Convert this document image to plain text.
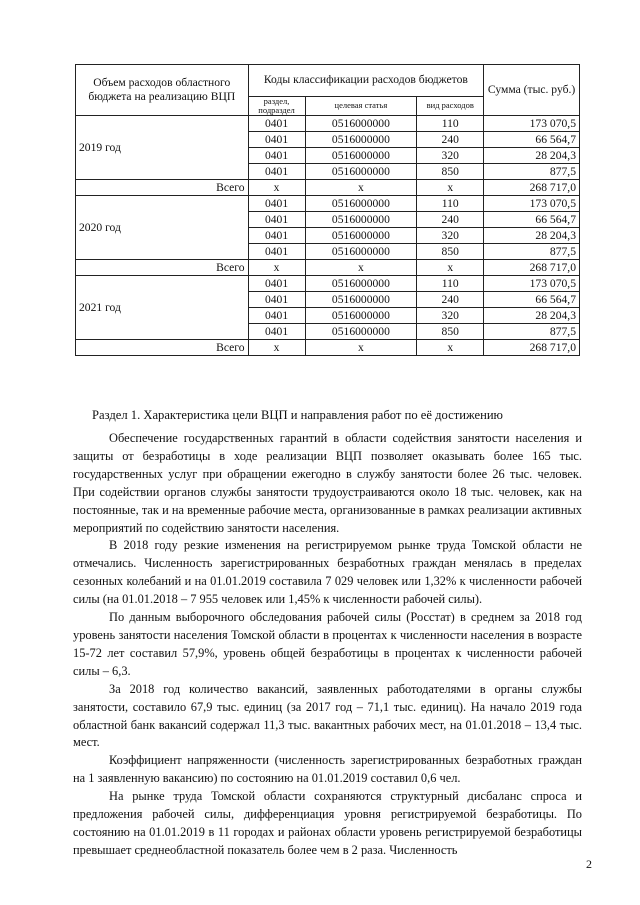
Объем расходов областного бюджета на реализацию ВЦП	Коды классификации расходов бюджетов			Сумма (тыс. руб.)
	раздел, подраздел	целевая статья	вид расходов	
2019 год	0401	0516000000	110	173 070,5
	0401	0516000000	240	66 564,7
	0401	0516000000	320	28 204,3
	0401	0516000000	850	877,5
Всего	х	х	х	268 717,0
2020 год	0401	0516000000	110	173 070,5
	0401	0516000000	240	66 564,7
	0401	0516000000	320	28 204,3
	0401	0516000000	850	877,5
Всего	х	х	х	268 717,0
2021 год	0401	0516000000	110	173 070,5
	0401	0516000000	240	66 564,7
	0401	0516000000	320	28 204,3
	0401	0516000000	850	877,5
Всего	х	х	х	268 717,0
Раздел 1. Характеристика цели ВЦП и направления работ по её достижению

Обеспечение государственных гарантий в области содействия занятости населения и защиты от безработицы в ходе реализации ВЦП позволяет оказывать более 165 тыс. государственных услуг при обращении ежегодно в службу занятости более 26 тыс. человек. При содействии органов службы занятости трудоустраиваются около 18 тыс. человек, как на постоянные, так и на временные рабочие места, организованные в рамках реализации активных мероприятий по содействию занятости населения.

В 2018 году резкие изменения на регистрируемом рынке труда Томской области не отмечались. Численность зарегистрированных безработных граждан менялась в пределах сезонных колебаний и на 01.01.2019 составила 7 029 человек или 1,32% к численности рабочей силы (на 01.01.2018 – 7 955 человек или 1,45% к численности рабочей силы).

По данным выборочного обследования рабочей силы (Росстат) в среднем за 2018 год уровень занятости населения Томской области в процентах к численности населения в возрасте 15-72 лет составил 57,9%, уровень общей безработицы в процентах к численности рабочей силы – 6,3.

За 2018 год количество вакансий, заявленных работодателями в органы службы занятости, составило 67,9 тыс. единиц (за 2017 год – 71,1 тыс. единиц). На начало 2019 года областной банк вакансий содержал 11,3 тыс. вакантных рабочих мест, на 01.01.2018 – 13,4 тыс. мест.

Коэффициент напряженности (численность зарегистрированных безработных граждан на 1 заявленную вакансию) по состоянию на 01.01.2019 составил 0,6 чел.

На рынке труда Томской области сохраняются структурный дисбаланс спроса и предложения рабочей силы, дифференциация уровня регистрируемой безработицы. По состоянию на 01.01.2019 в 11 городах и районах области уровень регистрируемой безработицы превышает среднеобластной показатель более чем в 2 раза. Численность

2
